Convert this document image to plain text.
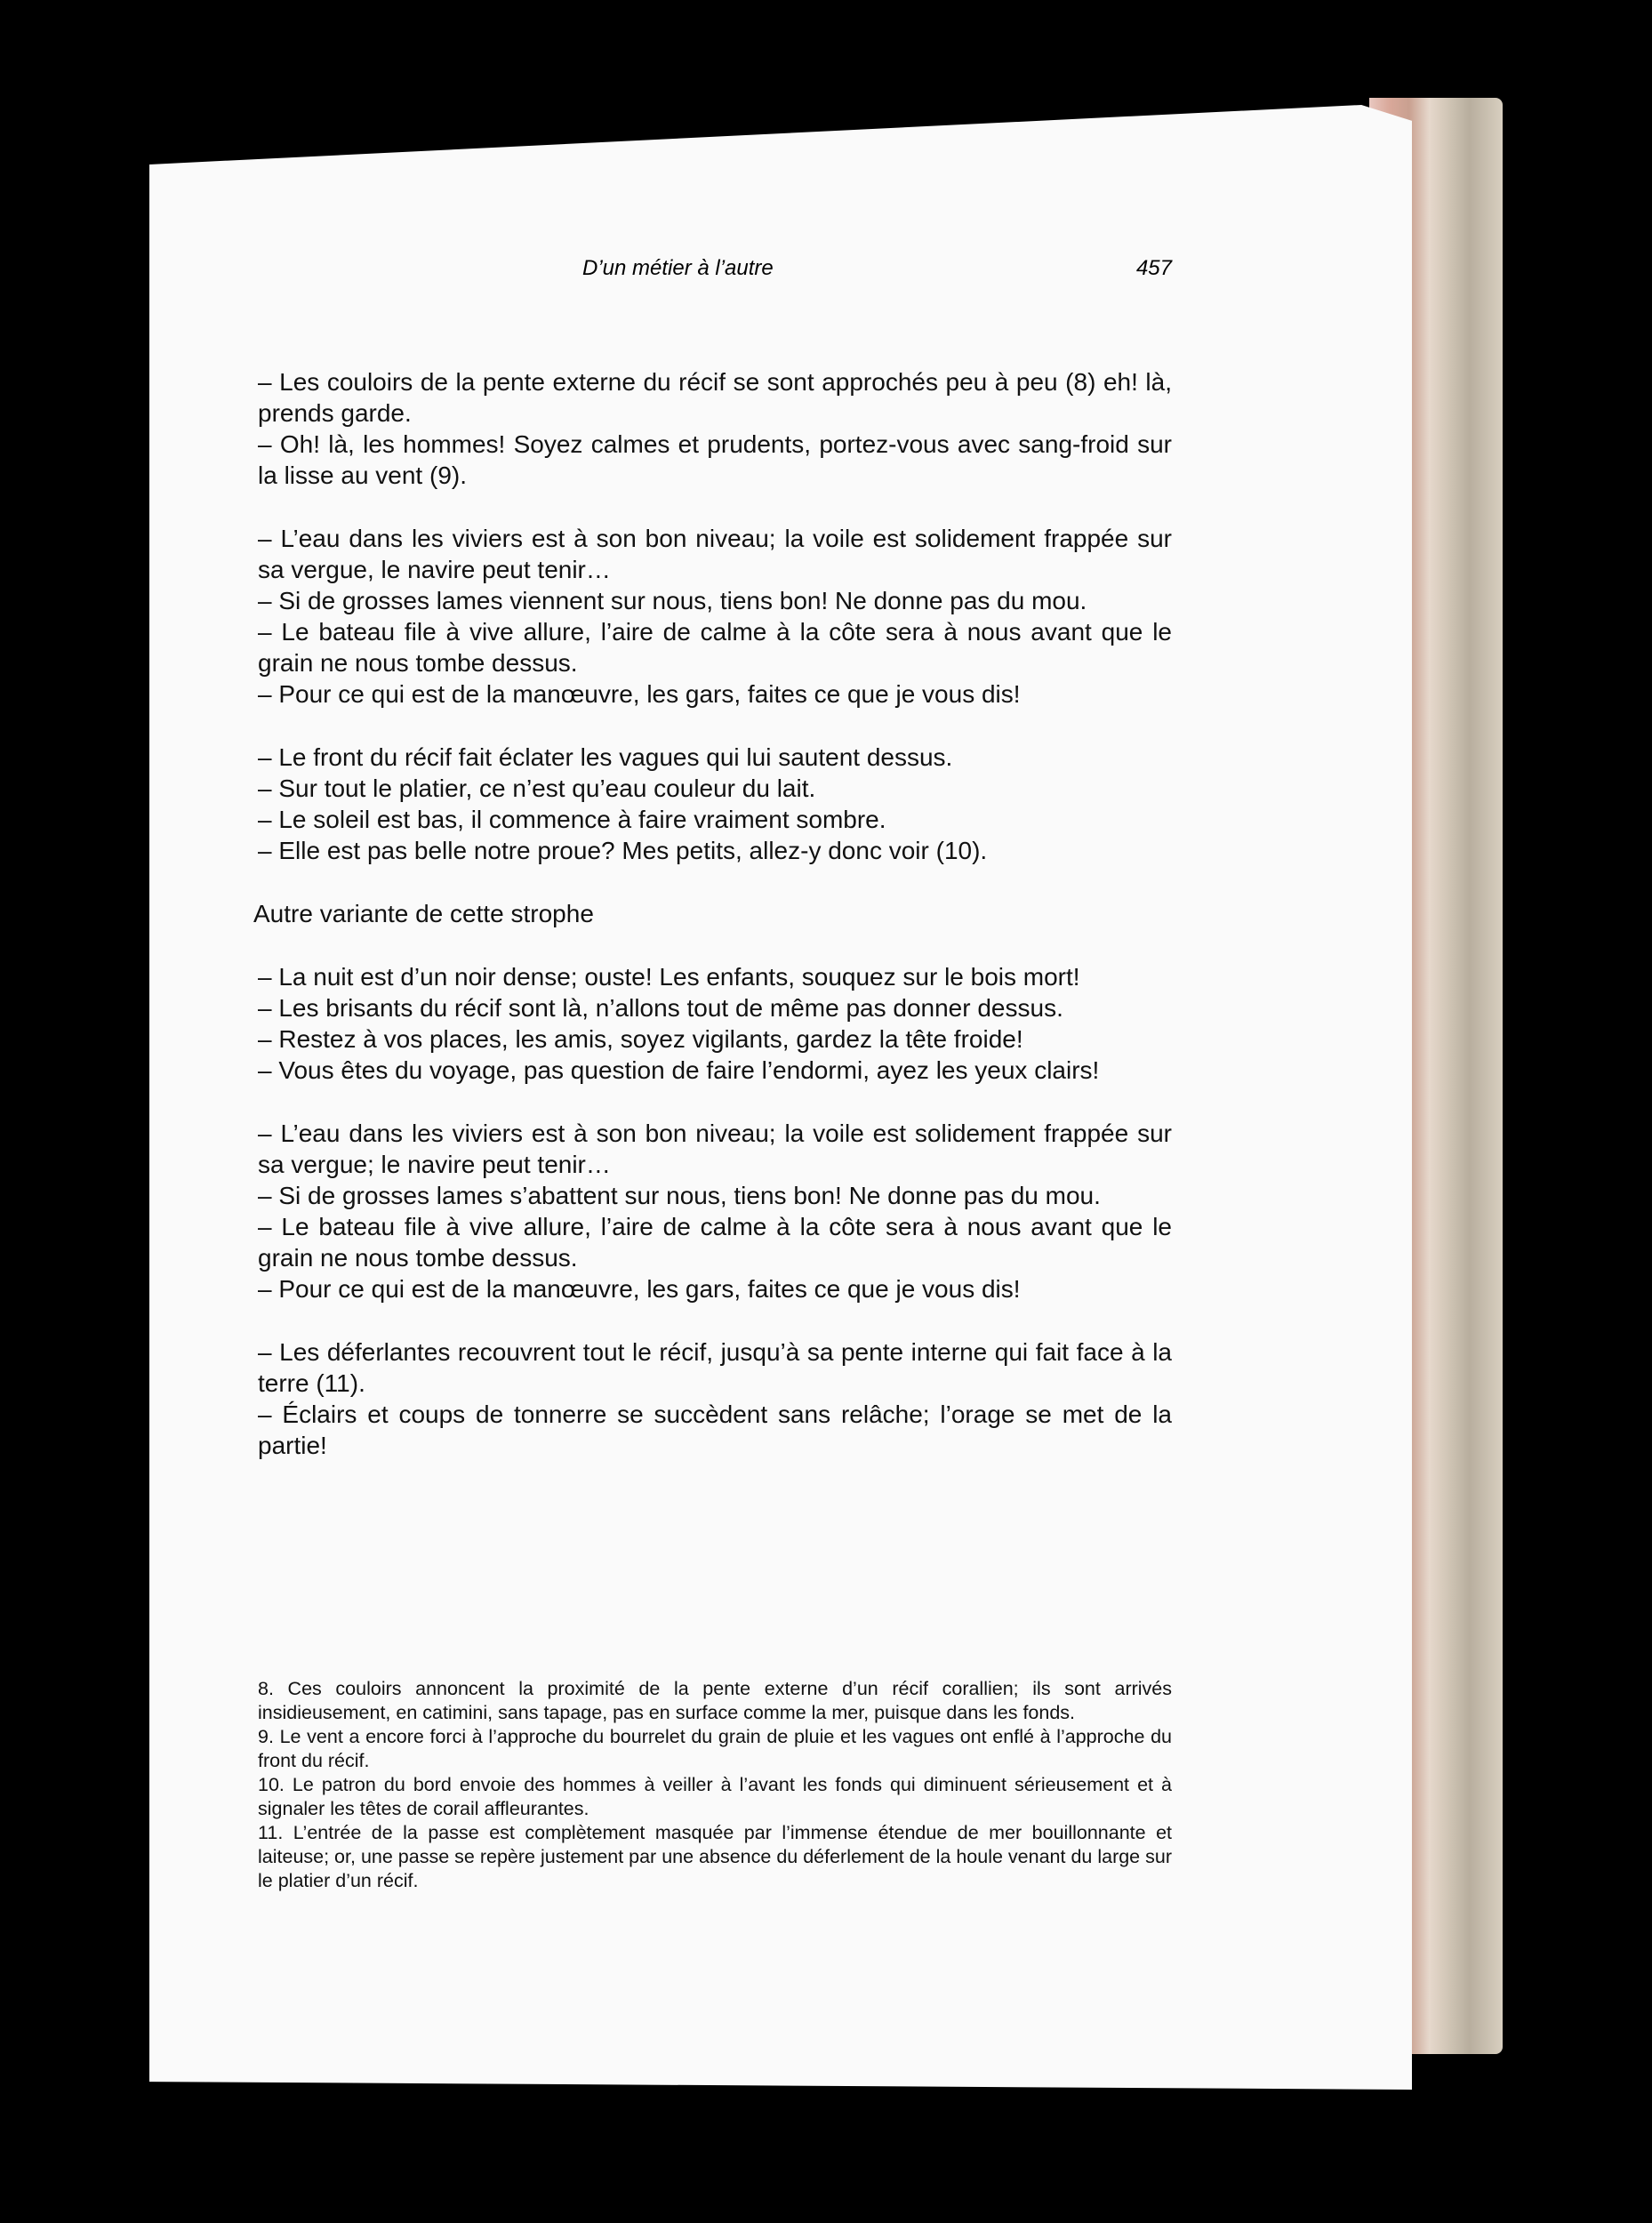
D’un métier à l’autre	457

– Les couloirs de la pente externe du récif se sont approchés peu à peu (8) eh! là, prends garde.

– Oh! là, les hommes! Soyez calmes et prudents, portez-vous avec sang-froid sur la lisse au vent (9).

– L’eau dans les viviers est à son bon niveau; la voile est solidement frappée sur sa vergue, le navire peut tenir…

– Si de grosses lames viennent sur nous, tiens bon! Ne donne pas du mou.

– Le bateau file à vive allure, l’aire de calme à la côte sera à nous avant que le grain ne nous tombe dessus.

– Pour ce qui est de la manœuvre, les gars, faites ce que je vous dis!

– Le front du récif fait éclater les vagues qui lui sautent dessus.

– Sur tout le platier, ce n’est qu’eau couleur du lait.

– Le soleil est bas, il commence à faire vraiment sombre.

– Elle est pas belle notre proue? Mes petits, allez-y donc voir (10).

Autre variante de cette strophe

– La nuit est d’un noir dense; ouste! Les enfants, souquez sur le bois mort!

– Les brisants du récif sont là, n’allons tout de même pas donner dessus.

– Restez à vos places, les amis, soyez vigilants, gardez la tête froide!

– Vous êtes du voyage, pas question de faire l’endormi, ayez les yeux clairs!

– L’eau dans les viviers est à son bon niveau; la voile est solidement frappée sur sa vergue; le navire peut tenir…

– Si de grosses lames s’abattent sur nous, tiens bon! Ne donne pas du mou.

– Le bateau file à vive allure, l’aire de calme à la côte sera à nous avant que le grain ne nous tombe dessus.

– Pour ce qui est de la manœuvre, les gars, faites ce que je vous dis!

– Les déferlantes recouvrent tout le récif, jusqu’à sa pente interne qui fait face à la terre (11).

– Éclairs et coups de tonnerre se succèdent sans relâche; l’orage se met de la partie!

8. Ces couloirs annoncent la proximité de la pente externe d’un récif corallien; ils sont arrivés insidieusement, en catimini, sans tapage, pas en surface comme la mer, puisque dans les fonds.

9. Le vent a encore forci à l’approche du bourrelet du grain de pluie et les vagues ont enflé à l’approche du front du récif.

10. Le patron du bord envoie des hommes à veiller à l’avant les fonds qui diminuent sérieusement et à signaler les têtes de corail affleurantes.

11. L’entrée de la passe est complètement masquée par l’immense étendue de mer bouillonnante et laiteuse; or, une passe se repère justement par une absence du déferlement de la houle venant du large sur le platier d’un récif.
